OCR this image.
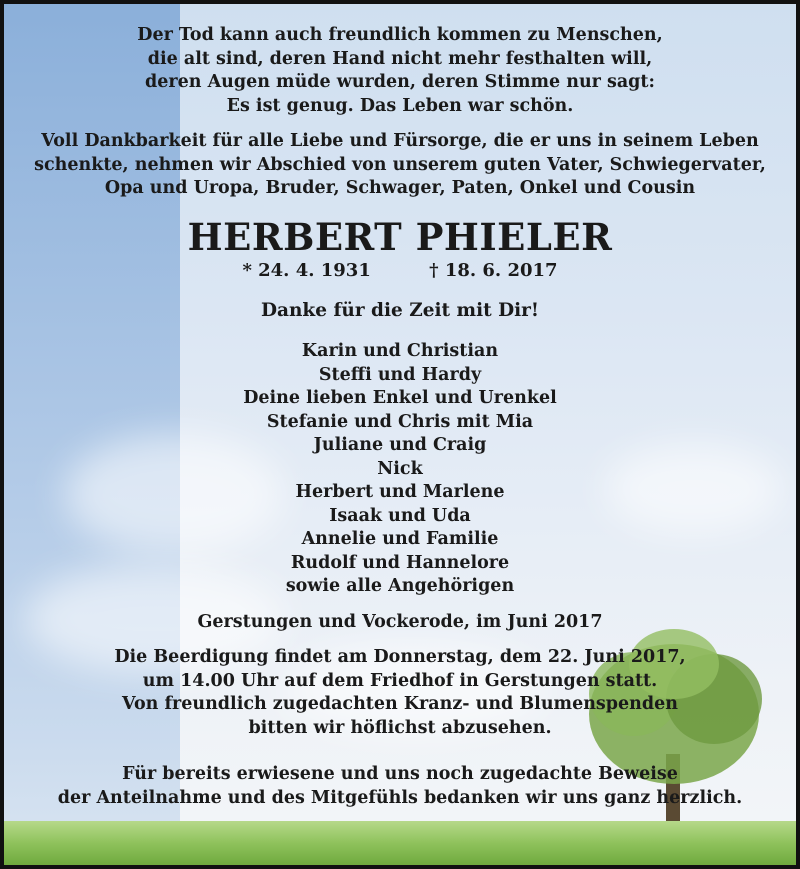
Der Tod kann auch freundlich kommen zu Menschen,
die alt sind, deren Hand nicht mehr festhalten will,
deren Augen müde wurden, deren Stimme nur sagt:
Es ist genug. Das Leben war schön.
Voll Dankbarkeit für alle Liebe und Fürsorge, die er uns in seinem Leben
schenkte, nehmen wir Abschied von unserem guten Vater, Schwiegervater,
Opa und Uropa, Bruder, Schwager, Paten, Onkel und Cousin
HERBERT PHIELER
* 24. 4. 1931	† 18. 6. 2017
Danke für die Zeit mit Dir!
Karin und Christian
Steffi und Hardy
Deine lieben Enkel und Urenkel
Stefanie und Chris mit Mia
Juliane und Craig
Nick
Herbert und Marlene
Isaak und Uda
Annelie und Familie
Rudolf und Hannelore
sowie alle Angehörigen
Gerstungen und Vockerode, im Juni 2017
Die Beerdigung findet am Donnerstag, dem 22. Juni 2017,
um 14.00 Uhr auf dem Friedhof in Gerstungen statt.
Von freundlich zugedachten Kranz- und Blumenspenden
bitten wir höflichst abzusehen.
Für bereits erwiesene und uns noch zugedachte Beweise
der Anteilnahme und des Mitgefühls bedanken wir uns ganz herzlich.
